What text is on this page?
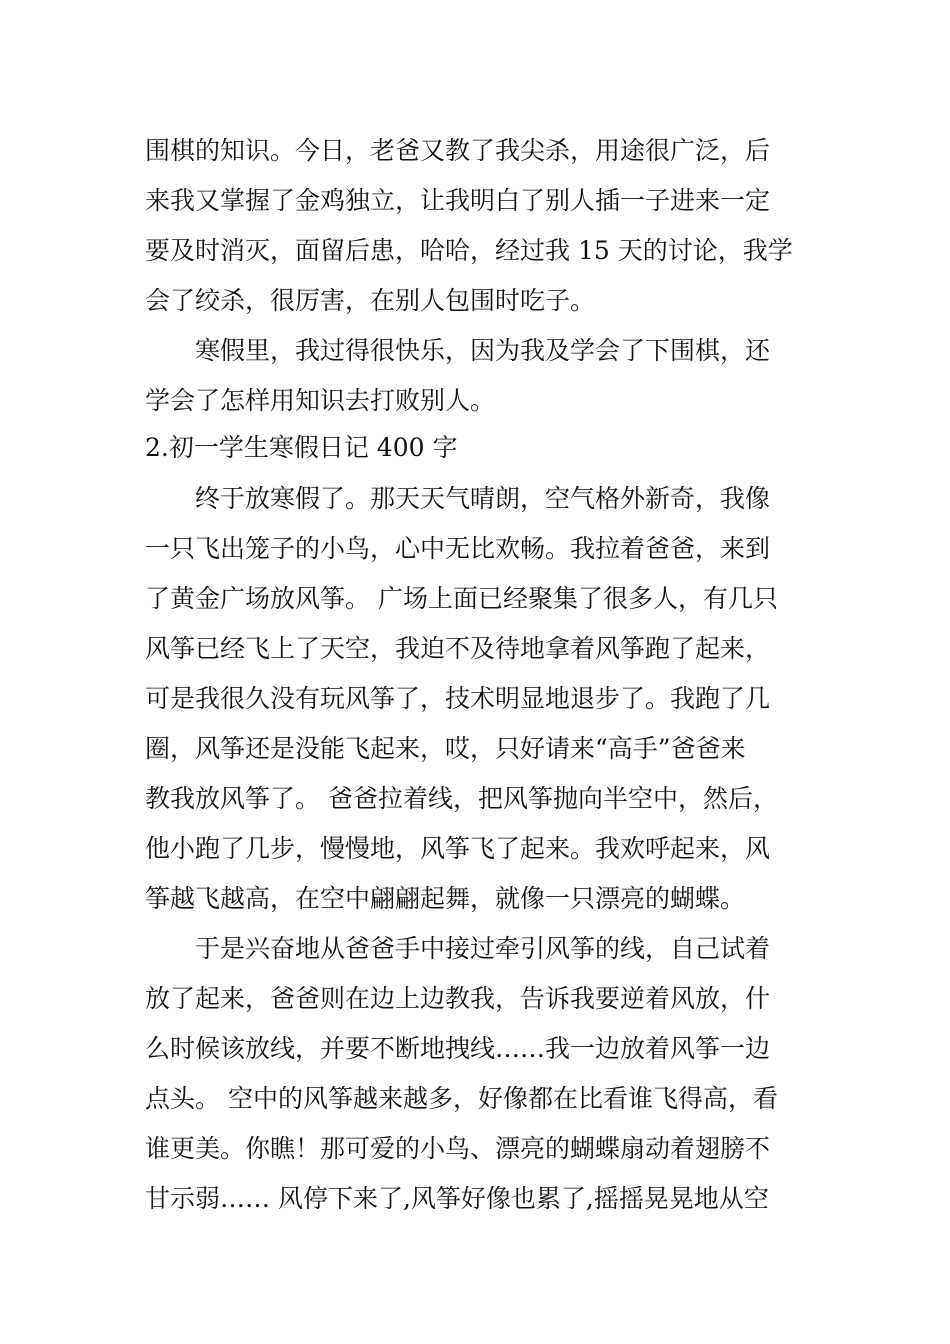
围棋的知识。今日，老爸又教了我尖杀，用途很广泛，后
来我又掌握了金鸡独立，让我明白了别人插一子进来一定
要及时消灭，面留后患，哈哈，经过我 15 天的讨论，我学
会了绞杀，很厉害，在别人包围时吃子。
寒假里，我过得很快乐，因为我及学会了下围棋，还
学会了怎样用知识去打败别人。
2.初一学生寒假日记 400 字
终于放寒假了。那天天气晴朗，空气格外新奇，我像
一只飞出笼子的小鸟，心中无比欢畅。我拉着爸爸，来到
了黄金广场放风筝。 广场上面已经聚集了很多人，有几只
风筝已经飞上了天空，我迫不及待地拿着风筝跑了起来，
可是我很久没有玩风筝了，技术明显地退步了。我跑了几
圈，风筝还是没能飞起来，哎，只好请来“高手”爸爸来
教我放风筝了。 爸爸拉着线，把风筝抛向半空中，然后，
他小跑了几步，慢慢地，风筝飞了起来。我欢呼起来，风
筝越飞越高，在空中翩翩起舞，就像一只漂亮的蝴蝶。
于是兴奋地从爸爸手中接过牵引风筝的线，自己试着
放了起来，爸爸则在边上边教我，告诉我要逆着风放，什
么时候该放线，并要不断地拽线……我一边放着风筝一边
点头。 空中的风筝越来越多，好像都在比看谁飞得高，看
谁更美。你瞧！那可爱的小鸟、漂亮的蝴蝶扇动着翅膀不
甘示弱…… 风停下来了,风筝好像也累了,摇摇晃晃地从空
